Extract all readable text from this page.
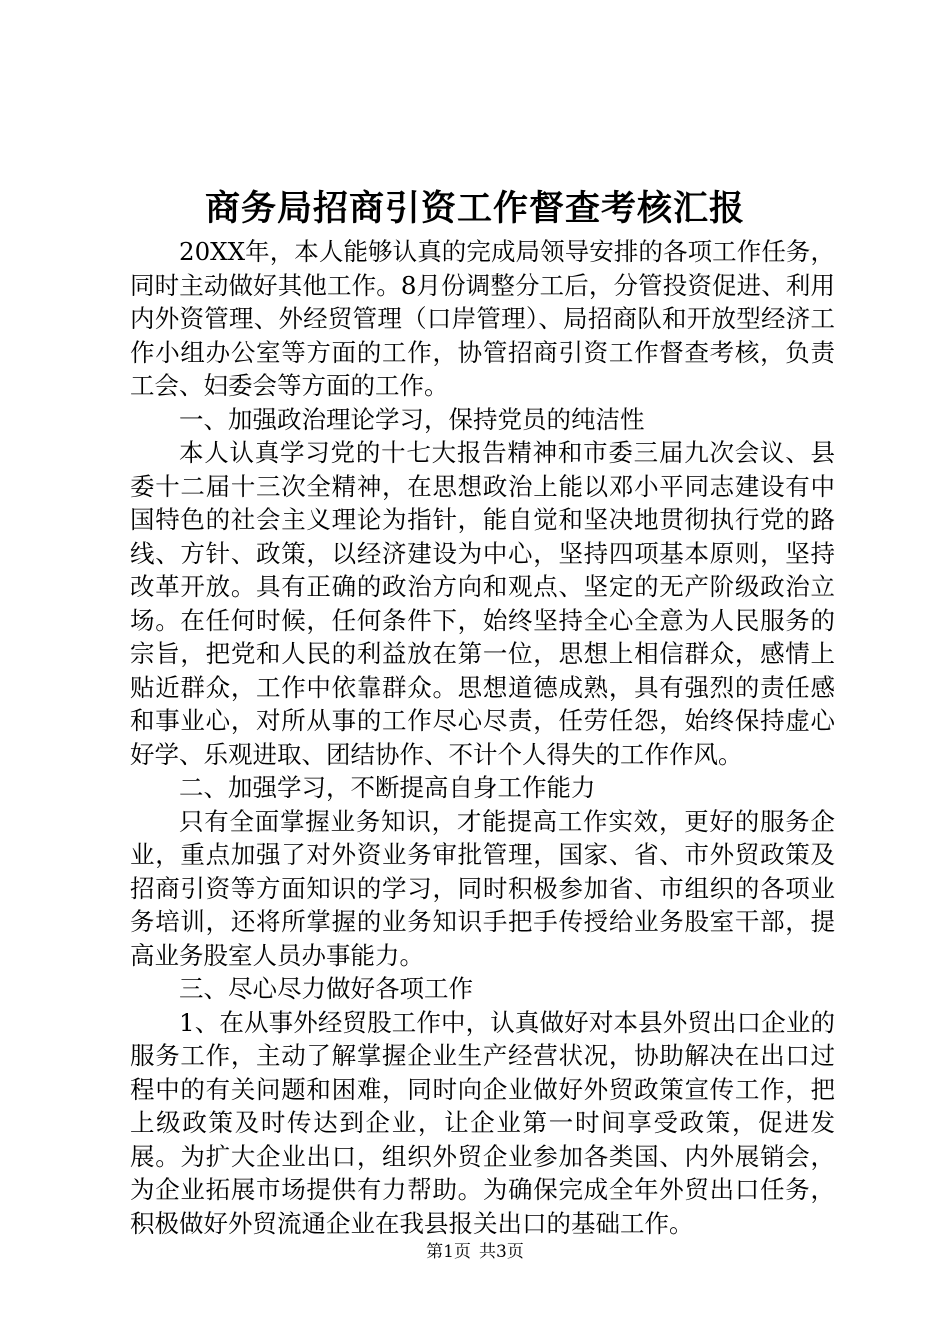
商务局招商引资工作督查考核汇报

20XX年，本人能够认真的完成局领导安排的各项工作任务，同时主动做好其他工作。8月份调整分工后，分管投资促进、利用内外资管理、外经贸管理（口岸管理）、局招商队和开放型经济工作小组办公室等方面的工作，协管招商引资工作督查考核，负责工会、妇委会等方面的工作。

一、加强政治理论学习，保持党员的纯洁性

本人认真学习党的十七大报告精神和市委三届九次会议、县委十二届十三次全精神，在思想政治上能以邓小平同志建设有中国特色的社会主义理论为指针，能自觉和坚决地贯彻执行党的路线、方针、政策，以经济建设为中心，坚持四项基本原则，坚持改革开放。具有正确的政治方向和观点、坚定的无产阶级政治立场。在任何时候，任何条件下，始终坚持全心全意为人民服务的宗旨，把党和人民的利益放在第一位，思想上相信群众，感情上贴近群众，工作中依靠群众。思想道德成熟，具有强烈的责任感和事业心，对所从事的工作尽心尽责，任劳任怨，始终保持虚心好学、乐观进取、团结协作、不计个人得失的工作作风。

二、加强学习，不断提高自身工作能力

只有全面掌握业务知识，才能提高工作实效，更好的服务企业，重点加强了对外资业务审批管理，国家、省、市外贸政策及招商引资等方面知识的学习，同时积极参加省、市组织的各项业务培训，还将所掌握的业务知识手把手传授给业务股室干部，提高业务股室人员办事能力。

三、尽心尽力做好各项工作

1、在从事外经贸股工作中，认真做好对本县外贸出口企业的服务工作，主动了解掌握企业生产经营状况，协助解决在出口过程中的有关问题和困难，同时向企业做好外贸政策宣传工作，把上级政策及时传达到企业，让企业第一时间享受政策，促进发展。为扩大企业出口，组织外贸企业参加各类国、内外展销会，为企业拓展市场提供有力帮助。为确保完成全年外贸出口任务，积极做好外贸流通企业在我县报关出口的基础工作。

第1页 共3页
